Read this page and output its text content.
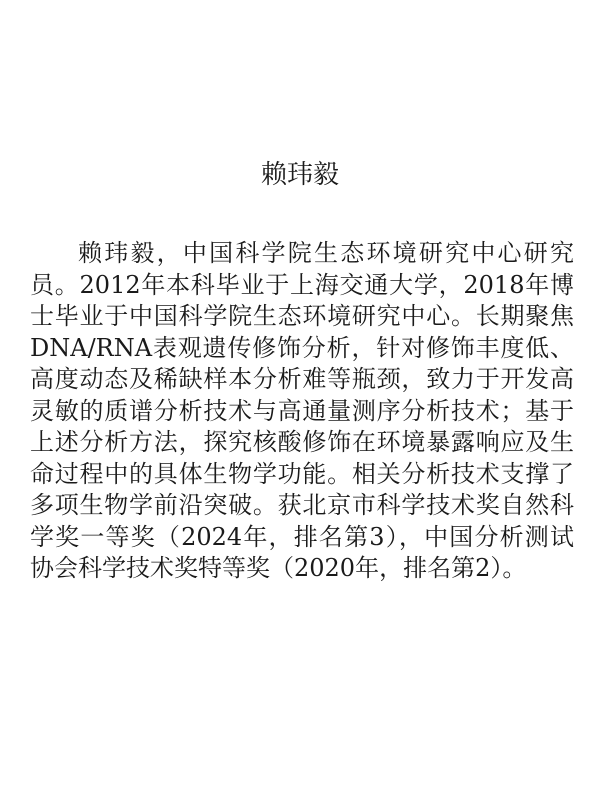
赖玮毅
赖玮毅，中国科学院生态环境研究中心研究员。2012年本科毕业于上海交通大学，2018年博士毕业于中国科学院生态环境研究中心。长期聚焦DNA/RNA表观遗传修饰分析，针对修饰丰度低、高度动态及稀缺样本分析难等瓶颈，致力于开发高灵敏的质谱分析技术与高通量测序分析技术；基于上述分析方法，探究核酸修饰在环境暴露响应及生命过程中的具体生物学功能。相关分析技术支撑了多项生物学前沿突破。获北京市科学技术奖自然科学奖一等奖（2024年，排名第3），中国分析测试协会科学技术奖特等奖（2020年，排名第2）。
